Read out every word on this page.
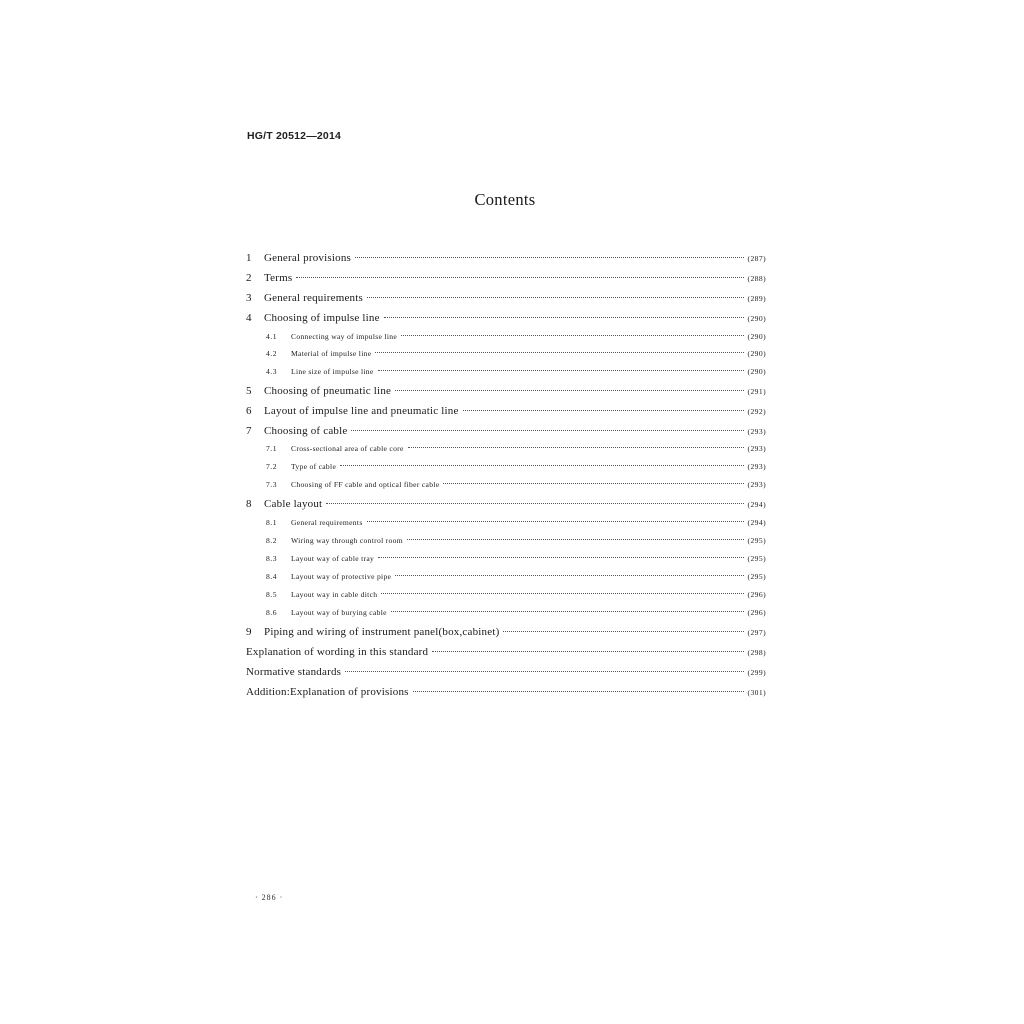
HG/T 20512—2014
Contents
1	General provisions	(287)
2	Terms	(288)
3	General requirements	(289)
4	Choosing of impulse line	(290)
4.1	Connecting way of impulse line	(290)
4.2	Material of impulse line	(290)
4.3	Line size of impulse line	(290)
5	Choosing of pneumatic line	(291)
6	Layout of impulse line and pneumatic line	(292)
7	Choosing of cable	(293)
7.1	Cross-sectional area of cable core	(293)
7.2	Type of cable	(293)
7.3	Choosing of FF cable and optical fiber cable	(293)
8	Cable layout	(294)
8.1	General requirements	(294)
8.2	Wiring way through control room	(295)
8.3	Layout way of cable tray	(295)
8.4	Layout way of protective pipe	(295)
8.5	Layout way in cable ditch	(296)
8.6	Layout way of burying cable	(296)
9	Piping and wiring of instrument panel(box,cabinet)	(297)
Explanation of wording in this standard	(298)
Normative standards	(299)
Addition:Explanation of provisions	(301)
· 286 ·
